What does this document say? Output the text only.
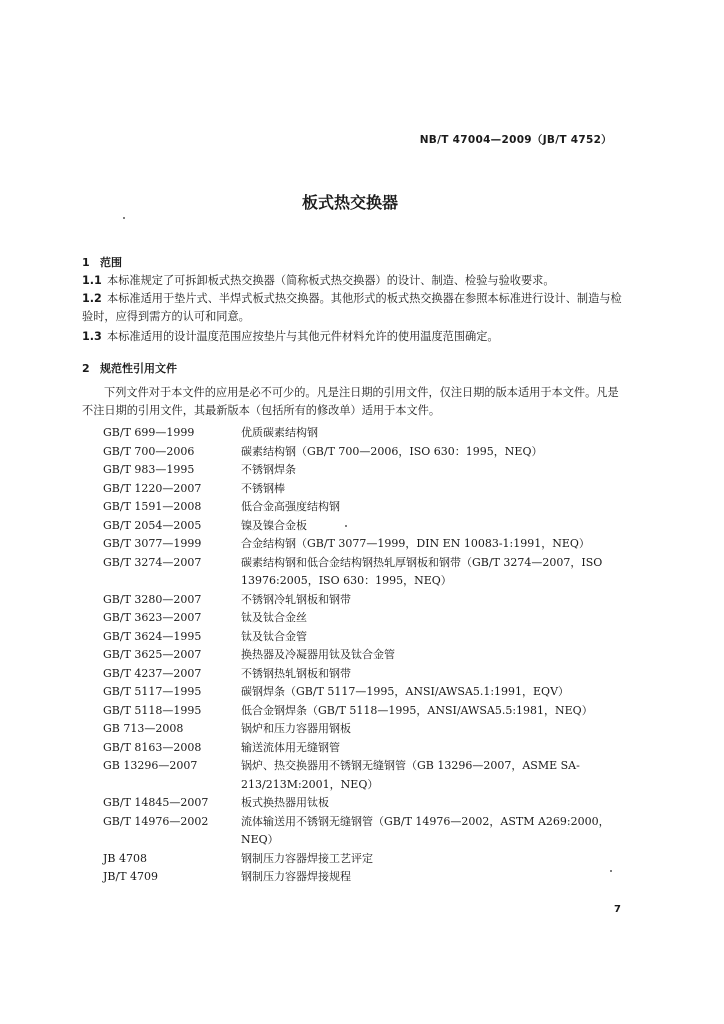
NB/T 47004—2009（JB/T 4752）
板式热交换器
1 范围
1.1 本标准规定了可拆卸板式热交换器（简称板式热交换器）的设计、制造、检验与验收要求。
1.2 本标准适用于垫片式、半焊式板式热交换器。其他形式的板式热交换器在参照本标准进行设计、制造与检验时，应得到需方的认可和同意。
1.3 本标准适用的设计温度范围应按垫片与其他元件材料允许的使用温度范围确定。
2 规范性引用文件
下列文件对于本文件的应用是必不可少的。凡是注日期的引用文件，仅注日期的版本适用于本文件。凡是不注日期的引用文件，其最新版本（包括所有的修改单）适用于本文件。
GB/T 699—1999	优质碳素结构钢
GB/T 700—2006	碳素结构钢（GB/T 700—2006，ISO 630：1995，NEQ）
GB/T 983—1995	不锈钢焊条
GB/T 1220—2007	不锈钢棒
GB/T 1591—2008	低合金高强度结构钢
GB/T 2054—2005	镍及镍合金板
GB/T 3077—1999	合金结构钢（GB/T 3077—1999，DIN EN 10083-1:1991，NEQ）
GB/T 3274—2007	碳素结构钢和低合金结构钢热轧厚钢板和钢带（GB/T 3274—2007，ISO 13976:2005，ISO 630：1995，NEQ）
GB/T 3280—2007	不锈钢冷轧钢板和钢带
GB/T 3623—2007	钛及钛合金丝
GB/T 3624—1995	钛及钛合金管
GB/T 3625—2007	换热器及冷凝器用钛及钛合金管
GB/T 4237—2007	不锈钢热轧钢板和钢带
GB/T 5117—1995	碳钢焊条（GB/T 5117—1995，ANSI/AWSA5.1:1991，EQV）
GB/T 5118—1995	低合金钢焊条（GB/T 5118—1995，ANSI/AWSA5.5:1981，NEQ）
GB 713—2008	锅炉和压力容器用钢板
GB/T 8163—2008	输送流体用无缝钢管
GB 13296—2007	锅炉、热交换器用不锈钢无缝钢管（GB 13296—2007，ASME SA-213/213M:2001，NEQ）
GB/T 14845—2007	板式换热器用钛板
GB/T 14976—2002	流体输送用不锈钢无缝钢管（GB/T 14976—2002，ASTM A269:2000，NEQ）
JB 4708	钢制压力容器焊接工艺评定
JB/T 4709	钢制压力容器焊接规程
7
